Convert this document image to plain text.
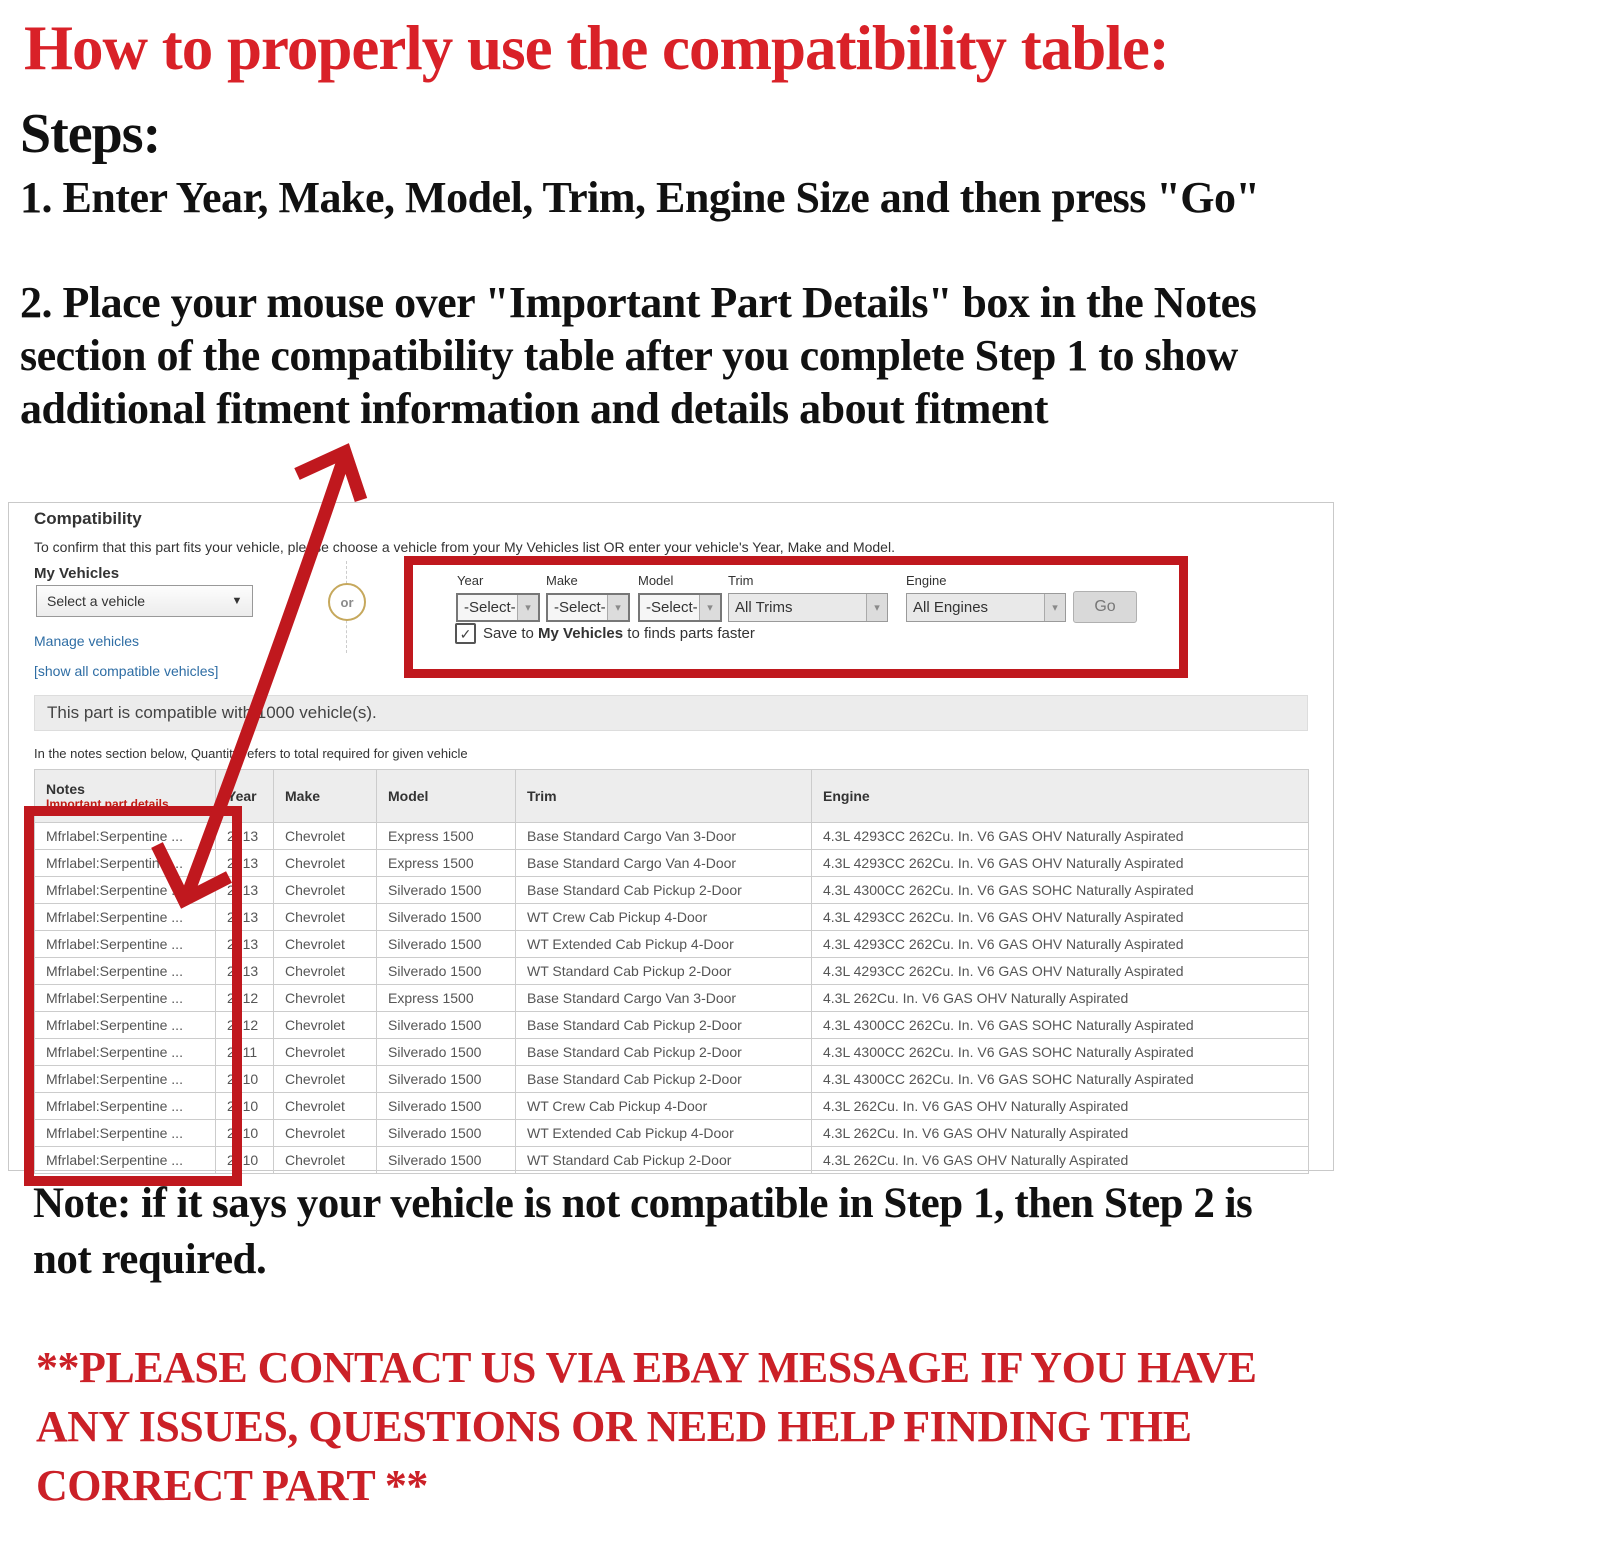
How to properly use the compatibility table:
Steps:
1. Enter Year, Make, Model, Trim, Engine Size and then press "Go"
2. Place your mouse over "Important Part Details" box in the Notes
section of the compatibility table after you complete Step 1 to show
additional fitment information and details about fitment
Compatibility
To confirm that this part fits your vehicle, please choose a vehicle from your My Vehicles list OR enter your vehicle's Year, Make and Model.
My Vehicles
Select a vehicle	▼
Manage vehicles
or
Year	Make	Model	Trim	Engine
-Select- ▾	-Select- ▾	-Select- ▾	All Trims	▾	All Engines	▾	Go
✓ Save to My Vehicles to finds parts faster
[show all compatible vehicles]
This part is compatible with 1000 vehicle(s).
In the notes section below, Quantity refers to total required for given vehicle
Notes
Important part details	Year	Make	Model	Trim	Engine
Mfrlabel:Serpentine ...	2013	Chevrolet	Express 1500	Base Standard Cargo Van 3-Door	4.3L 4293CC 262Cu. In. V6 GAS OHV Naturally Aspirated
Mfrlabel:Serpentine ...	2013	Chevrolet	Express 1500	Base Standard Cargo Van 4-Door	4.3L 4293CC 262Cu. In. V6 GAS OHV Naturally Aspirated
Mfrlabel:Serpentine ...	2013	Chevrolet	Silverado 1500	Base Standard Cab Pickup 2-Door	4.3L 4300CC 262Cu. In. V6 GAS SOHC Naturally Aspirated
Mfrlabel:Serpentine ...	2013	Chevrolet	Silverado 1500	WT Crew Cab Pickup 4-Door	4.3L 4293CC 262Cu. In. V6 GAS OHV Naturally Aspirated
Mfrlabel:Serpentine ...	2013	Chevrolet	Silverado 1500	WT Extended Cab Pickup 4-Door	4.3L 4293CC 262Cu. In. V6 GAS OHV Naturally Aspirated
Mfrlabel:Serpentine ...	2013	Chevrolet	Silverado 1500	WT Standard Cab Pickup 2-Door	4.3L 4293CC 262Cu. In. V6 GAS OHV Naturally Aspirated
Mfrlabel:Serpentine ...	2012	Chevrolet	Express 1500	Base Standard Cargo Van 3-Door	4.3L 262Cu. In. V6 GAS OHV Naturally Aspirated
Mfrlabel:Serpentine ...	2012	Chevrolet	Silverado 1500	Base Standard Cab Pickup 2-Door	4.3L 4300CC 262Cu. In. V6 GAS SOHC Naturally Aspirated
Mfrlabel:Serpentine ...	2011	Chevrolet	Silverado 1500	Base Standard Cab Pickup 2-Door	4.3L 4300CC 262Cu. In. V6 GAS SOHC Naturally Aspirated
Mfrlabel:Serpentine ...	2010	Chevrolet	Silverado 1500	Base Standard Cab Pickup 2-Door	4.3L 4300CC 262Cu. In. V6 GAS SOHC Naturally Aspirated
Mfrlabel:Serpentine ...	2010	Chevrolet	Silverado 1500	WT Crew Cab Pickup 4-Door	4.3L 262Cu. In. V6 GAS OHV Naturally Aspirated
Mfrlabel:Serpentine ...	2010	Chevrolet	Silverado 1500	WT Extended Cab Pickup 4-Door	4.3L 262Cu. In. V6 GAS OHV Naturally Aspirated
Mfrlabel:Serpentine ...	2010	Chevrolet	Silverado 1500	WT Standard Cab Pickup 2-Door	4.3L 262Cu. In. V6 GAS OHV Naturally Aspirated
Note: if it says your vehicle is not compatible in Step 1, then Step 2 is
not required.
**PLEASE CONTACT US VIA EBAY MESSAGE IF YOU HAVE
ANY ISSUES, QUESTIONS OR NEED HELP FINDING THE
CORRECT PART **
